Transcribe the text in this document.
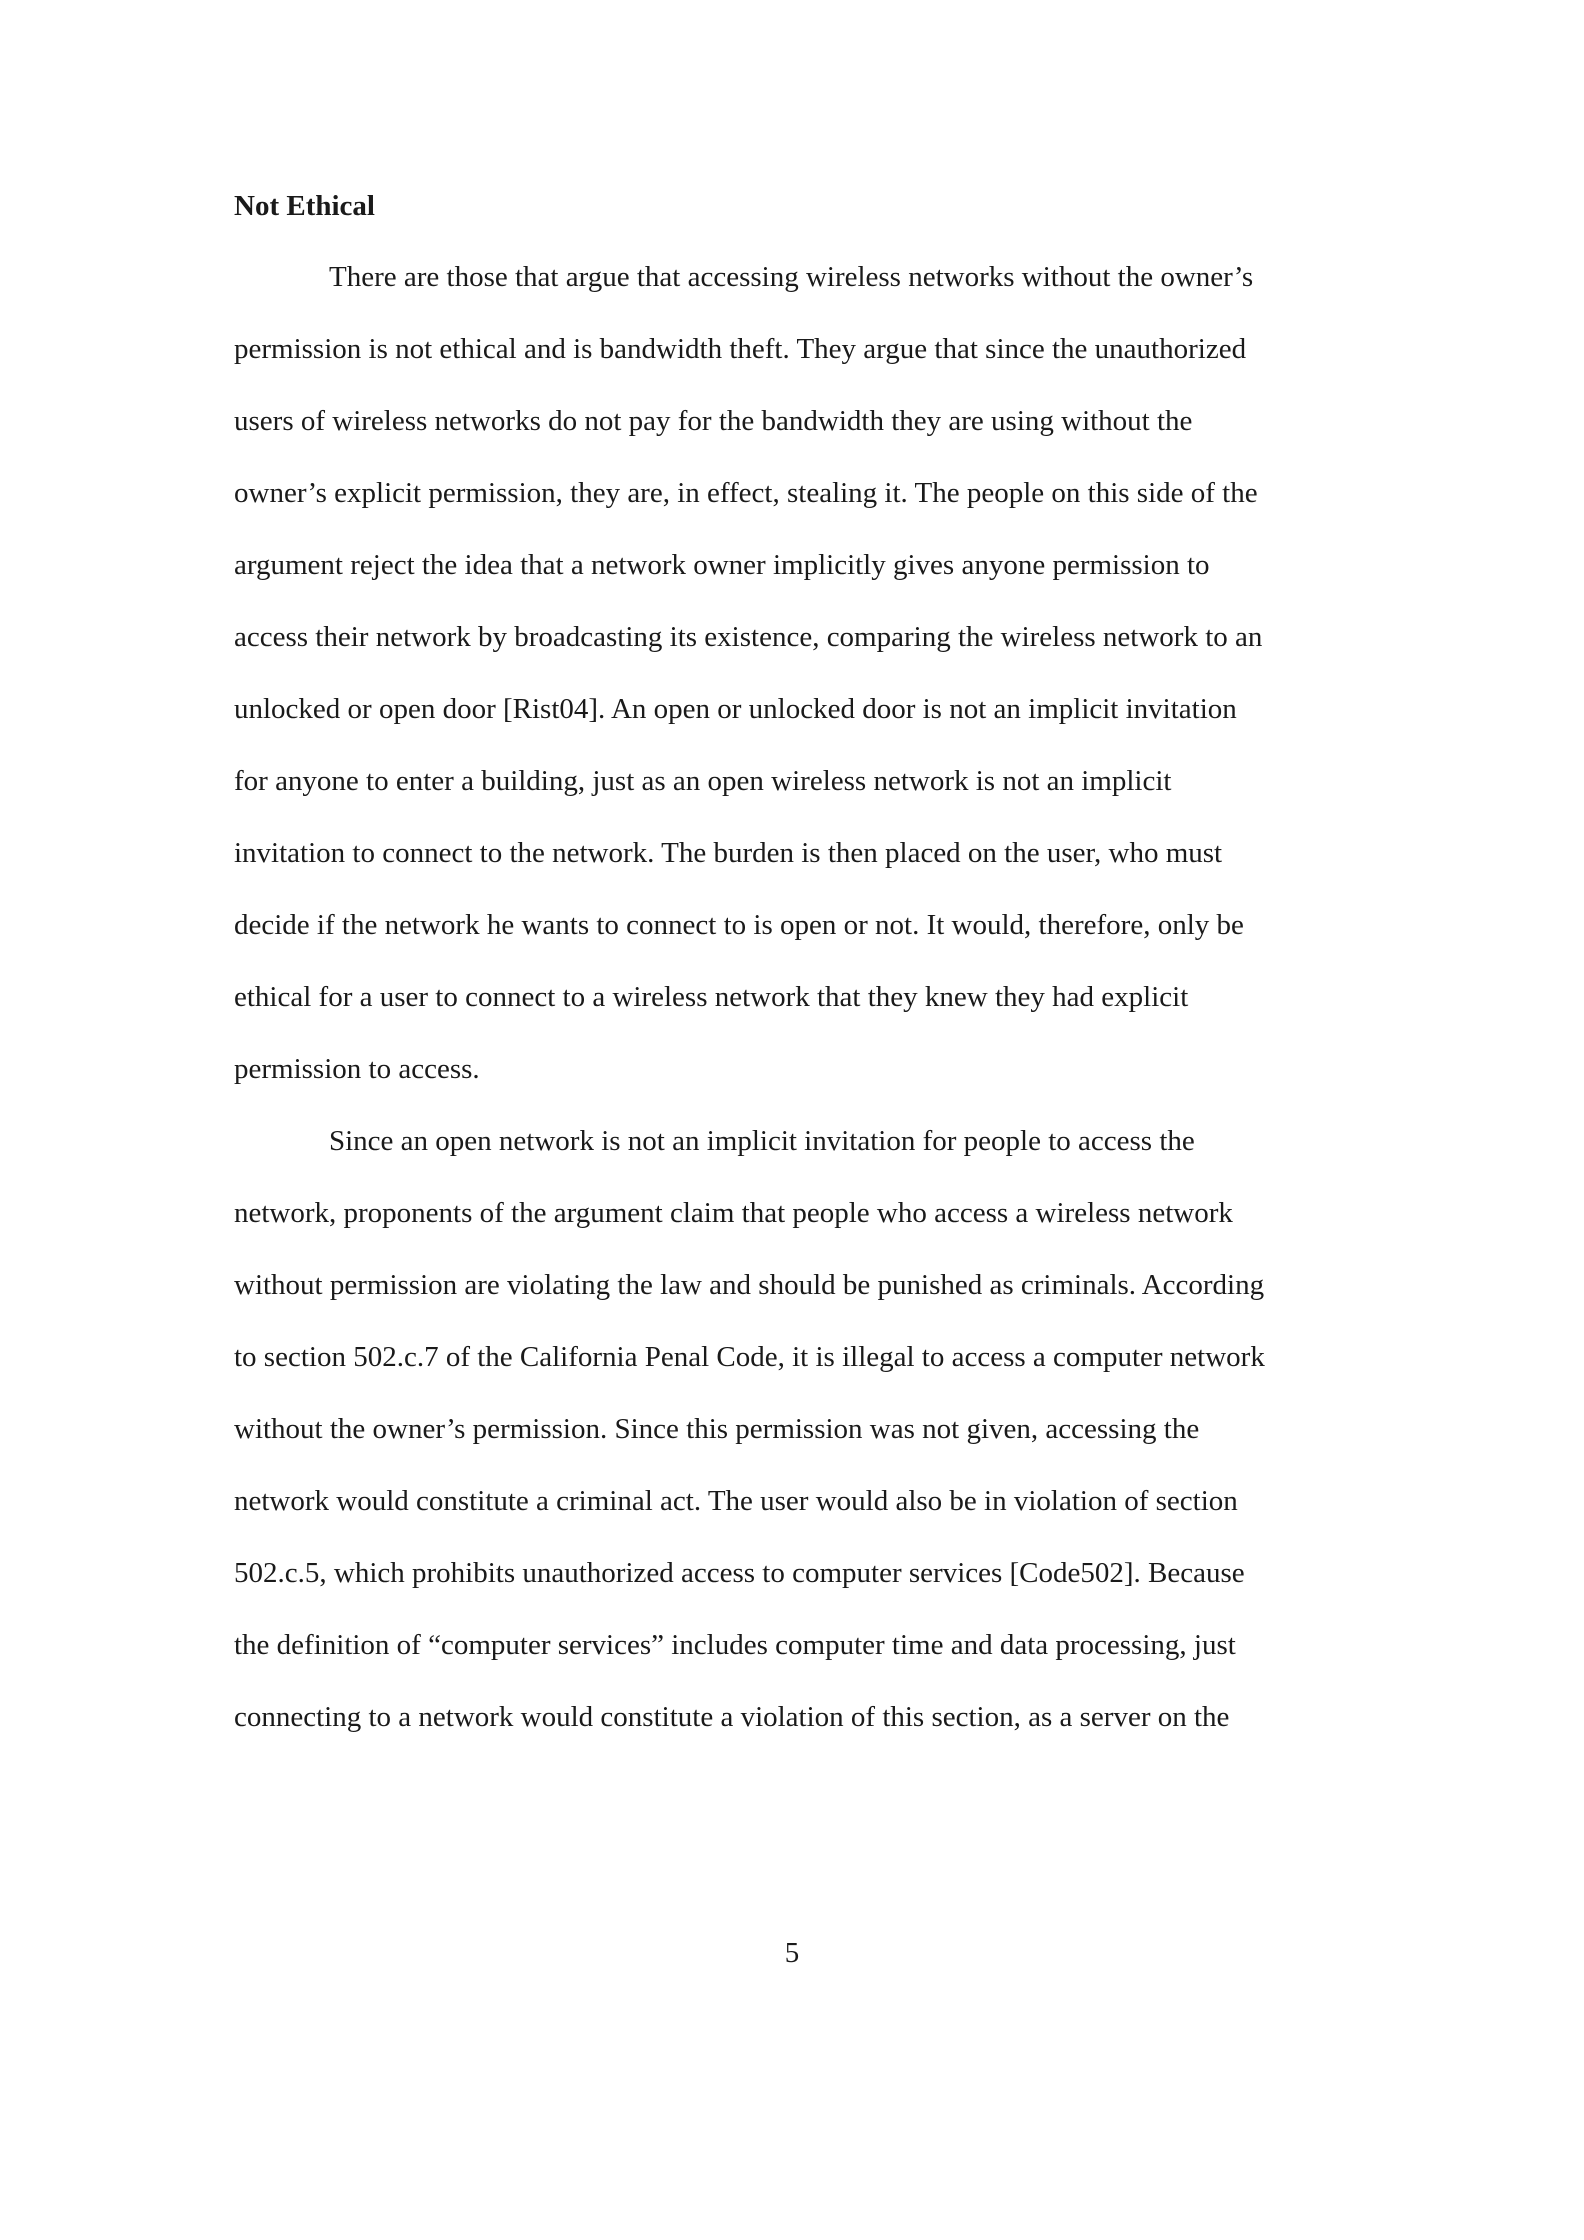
Not Ethical

There are those that argue that accessing wireless networks without the owner’s

permission is not ethical and is bandwidth theft. They argue that since the unauthorized

users of wireless networks do not pay for the bandwidth they are using without the

owner’s explicit permission, they are, in effect, stealing it. The people on this side of the

argument reject the idea that a network owner implicitly gives anyone permission to

access their network by broadcasting its existence, comparing the wireless network to an

unlocked or open door [Rist04]. An open or unlocked door is not an implicit invitation

for anyone to enter a building, just as an open wireless network is not an implicit

invitation to connect to the network. The burden is then placed on the user, who must

decide if the network he wants to connect to is open or not. It would, therefore, only be

ethical for a user to connect to a wireless network that they knew they had explicit

permission to access.

Since an open network is not an implicit invitation for people to access the

network, proponents of the argument claim that people who access a wireless network

without permission are violating the law and should be punished as criminals. According

to section 502.c.7 of the California Penal Code, it is illegal to access a computer network

without the owner’s permission. Since this permission was not given, accessing the

network would constitute a criminal act. The user would also be in violation of section

502.c.5, which prohibits unauthorized access to computer services [Code502]. Because

the definition of “computer services” includes computer time and data processing, just

connecting to a network would constitute a violation of this section, as a server on the

5
